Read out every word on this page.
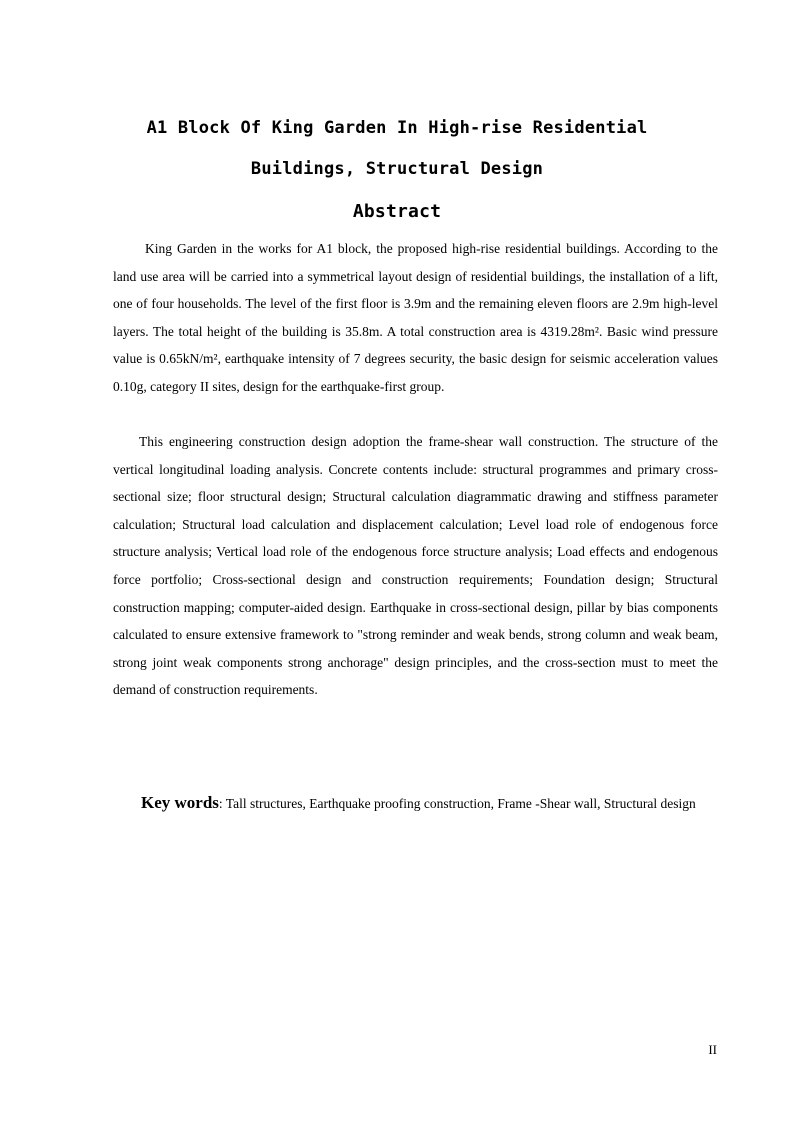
A1 Block Of King Garden In High-rise Residential
Buildings, Structural Design
Abstract

King Garden in the works for A1 block, the proposed high-rise residential buildings. According to the land use area will be carried into a symmetrical layout design of residential buildings, the installation of a lift, one of four households. The level of the first floor is 3.9m and the remaining eleven floors are 2.9m high-level layers. The total height of the building is 35.8m. A total construction area is 4319.28m². Basic wind pressure value is 0.65kN/m², earthquake intensity of 7 degrees security, the basic design for seismic acceleration values 0.10g, category II sites, design for the earthquake-first group.

This engineering construction design adoption the frame-shear wall construction. The structure of the vertical longitudinal loading analysis. Concrete contents include: structural programmes and primary cross-sectional size; floor structural design; Structural calculation diagrammatic drawing and stiffness parameter calculation; Structural load calculation and displacement calculation; Level load role of endogenous force structure analysis; Vertical load role of the endogenous force structure analysis; Load effects and endogenous force portfolio; Cross-sectional design and construction requirements; Foundation design; Structural construction mapping; computer-aided design. Earthquake in cross-sectional design, pillar by bias components calculated to ensure extensive framework to "strong reminder and weak bends, strong column and weak beam, strong joint weak components strong anchorage" design principles, and the cross-section must to meet the demand of construction requirements.

Key words: Tall structures, Earthquake proofing construction, Frame -Shear wall, Structural design

II
